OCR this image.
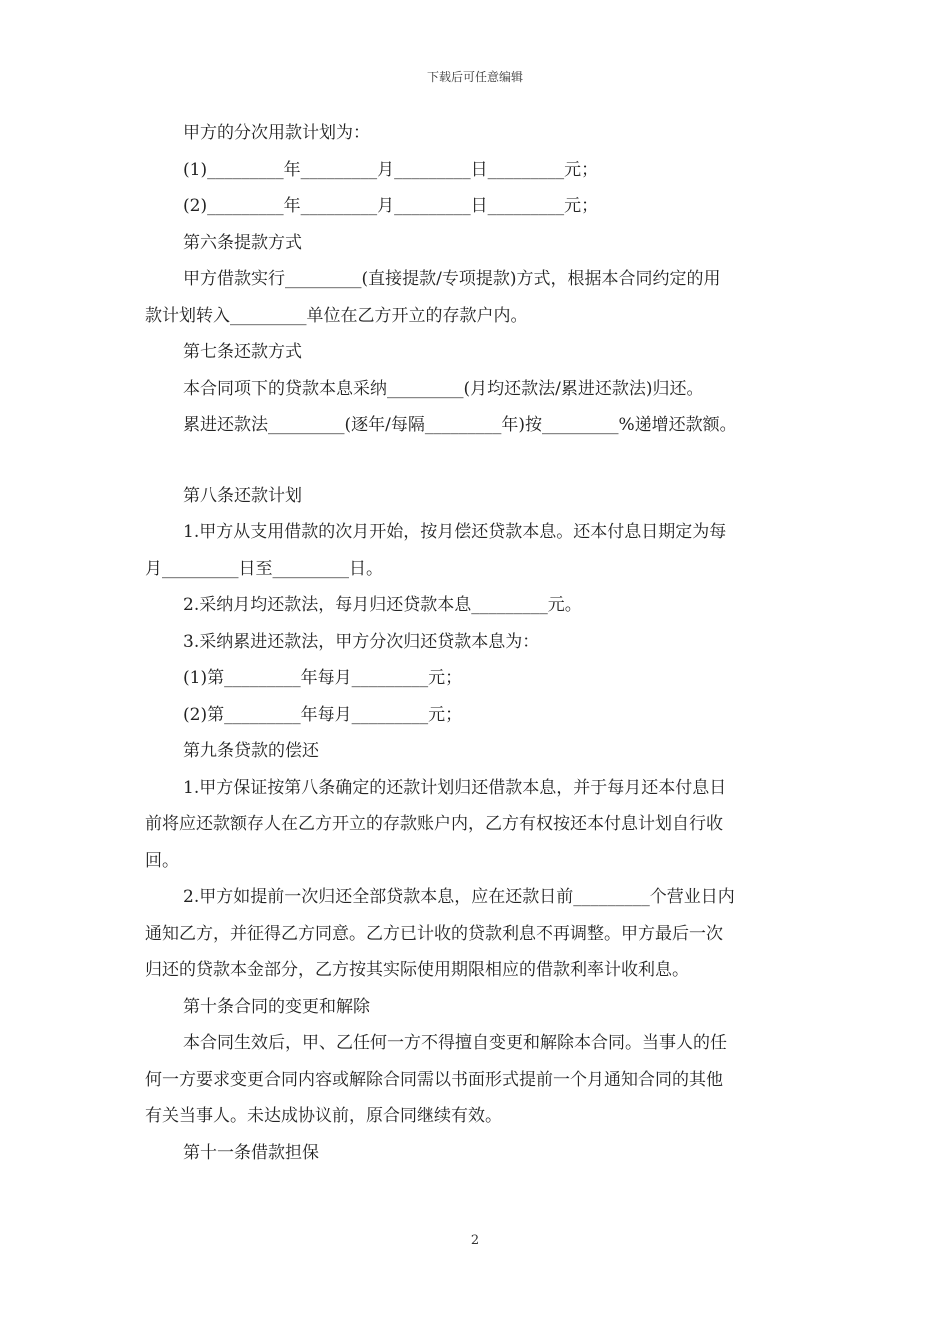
下载后可任意编辑
甲方的分次用款计划为：
(1)_________年_________月_________日_________元；
(2)_________年_________月_________日_________元；
第六条提款方式
甲方借款实行_________(直接提款/专项提款)方式，根据本合同约定的用
款计划转入_________单位在乙方开立的存款户内。
第七条还款方式
本合同项下的贷款本息采纳_________(月均还款法/累进还款法)归还。
累进还款法_________(逐年/每隔_________年)按_________%递增还款额。
第八条还款计划
1.甲方从支用借款的次月开始，按月偿还贷款本息。还本付息日期定为每
月_________日至_________日。
2.采纳月均还款法，每月归还贷款本息_________元。
3.采纳累进还款法，甲方分次归还贷款本息为：
(1)第_________年每月_________元；
(2)第_________年每月_________元；
第九条贷款的偿还
1.甲方保证按第八条确定的还款计划归还借款本息，并于每月还本付息日
前将应还款额存人在乙方开立的存款账户内，乙方有权按还本付息计划自行收
回。
2.甲方如提前一次归还全部贷款本息，应在还款日前_________个营业日内
通知乙方，并征得乙方同意。乙方已计收的贷款利息不再调整。甲方最后一次
归还的贷款本金部分，乙方按其实际使用期限相应的借款利率计收利息。
第十条合同的变更和解除
本合同生效后，甲、乙任何一方不得擅自变更和解除本合同。当事人的任
何一方要求变更合同内容或解除合同需以书面形式提前一个月通知合同的其他
有关当事人。未达成协议前，原合同继续有效。
第十一条借款担保
2
